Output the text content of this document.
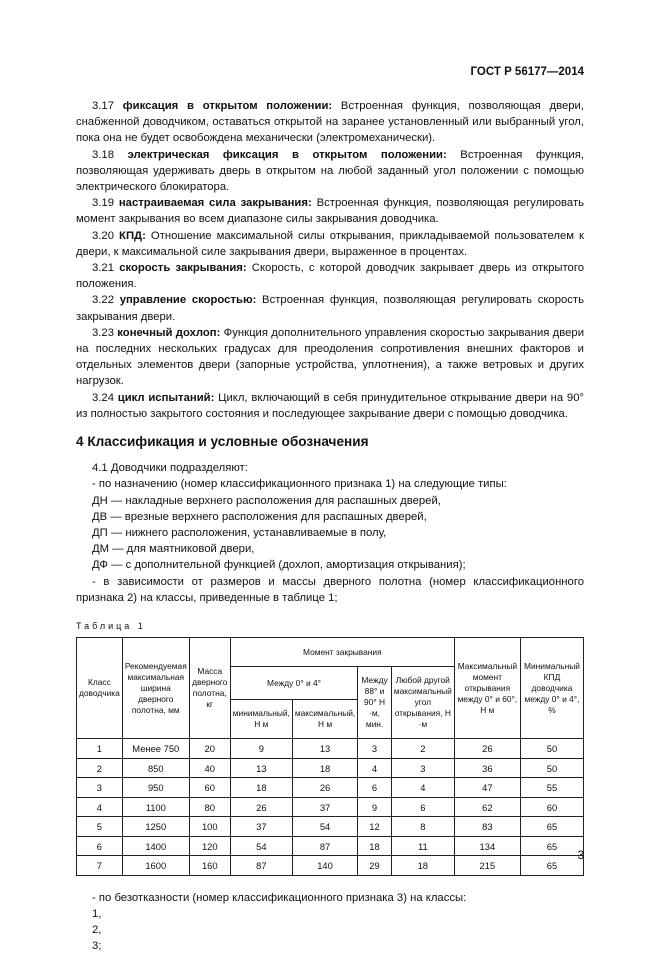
ГОСТ Р 56177—2014

3.17 фиксация в открытом положении: Встроенная функция, позволяющая двери, снабженной доводчиком, оставаться открытой на заранее установленный или выбранный угол, пока она не будет освобождена механически (электромеханически).

3.18 электрическая фиксация в открытом положении: Встроенная функция, позволяющая удерживать дверь в открытом на любой заданный угол положении с помощью электрического блокиратора.

3.19 настраиваемая сила закрывания: Встроенная функция, позволяющая регулировать момент закрывания во всем диапазоне силы закрывания доводчика.

3.20 КПД: Отношение максимальной силы открывания, прикладываемой пользователем к двери, к максимальной силе закрывания двери, выраженное в процентах.

3.21 скорость закрывания: Скорость, с которой доводчик закрывает дверь из открытого положения.

3.22 управление скоростью: Встроенная функция, позволяющая регулировать скорость закрывания двери.

3.23 конечный дохлоп: Функция дополнительного управления скоростью закрывания двери на последних нескольких градусах для преодоления сопротивления внешних факторов и отдельных элементов двери (запорные устройства, уплотнения), а также ветровых и других нагрузок.

3.24 цикл испытаний: Цикл, включающий в себя принудительное открывание двери на 90° из полностью закрытого состояния и последующее закрывание двери с помощью доводчика.

4 Классификация и условные обозначения

4.1 Доводчики подразделяют:

- по назначению (номер классификационного признака 1) на следующие типы:

ДН — накладные верхнего расположения для распашных дверей,

ДВ — врезные верхнего расположения для распашных дверей,

ДП — нижнего расположения, устанавливаемые в полу,

ДМ — для маятниковой двери,

ДФ — с дополнительной функцией (дохлоп, амортизация открывания);

- в зависимости от размеров и массы дверного полотна (номер классификационного признака 2) на классы, приведенные в таблице 1;

Таблица 1
Класс доводчика	Рекомендуемая максимальная ширина дверного полотна, мм	Масса дверного полотна, кг	Момент закрывания				Максимальный момент открывания между 0° и 60°, Н м	Минимальный КПД доводчика между 0° и 4°, %
			Между 0° и 4°		Между 88° и 90° Н ·м, мин.	Любой другой максимальный угол открывания, Н ·м		
			минимальный, Н м	максимальный, Н м				
1	Менее 750	20	9	13	3	2	26	50
2	850	40	13	18	4	3	36	50
3	950	60	18	26	6	4	47	55
4	1100	80	26	37	9	6	62	60
5	1250	100	37	54	12	8	83	65
6	1400	120	54	87	18	11	134	65
7	1600	160	87	140	29	18	215	65

- по безотказности (номер классификационного признака 3) на классы:

1,

2,

3;

3
